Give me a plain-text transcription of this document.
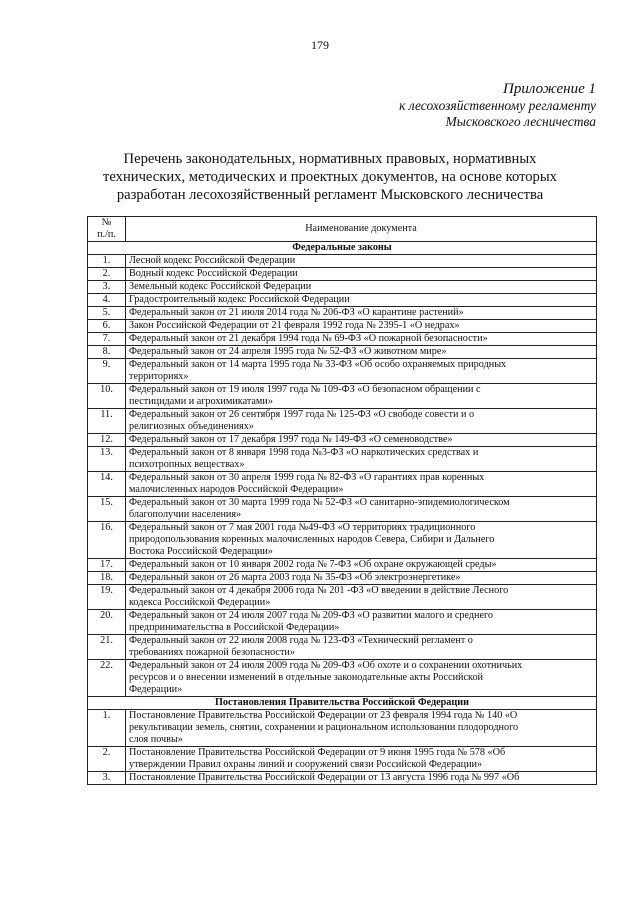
179
Приложение 1
к лесохозяйственному регламенту
Мысковского лесничества
Перечень законодательных, нормативных правовых, нормативных
технических, методических и проектных документов, на основе которых
разработан лесохозяйственный регламент Мысковского лесничества
№
п./п.	Наименование документа
Федеральные законы	
1.	Лесной кодекс Российской Федерации

2.	Водный кодекс Российской Федерации

3.	Земельный кодекс Российской Федерации

4.	Градостроительный кодекс Российской Федерации

5.	Федеральный закон от 21 июля 2014 года № 206-ФЗ «О карантине растений»

6.	Закон Российской Федерации от 21 февраля 1992 года № 2395-1 «О недрах»

7.	Федеральный закон от 21 декабря 1994 года № 69-ФЗ «О пожарной безопасности»

8.	Федеральный закон от 24 апреля 1995 года № 52-ФЗ «О животном мире»

9.	Федеральный закон от 14 марта 1995 года № 33-ФЗ «Об особо охраняемых природных
территориях»

10.	Федеральный закон от 19 июля 1997 года № 109-ФЗ «О безопасном обращении с
пестицидами и агрохимикатами»

11.	Федеральный закон от 26 сентября 1997 года № 125-ФЗ «О свободе совести и о
религиозных объединениях»

12.	Федеральный закон от 17 декабря 1997 года № 149-ФЗ «О семеноводстве»

13.	Федеральный закон от 8 января 1998 года №3-ФЗ «О наркотических средствах и
психотропных веществах»

14.	Федеральный закон от 30 апреля 1999 года № 82-ФЗ «О гарантиях прав коренных
малочисленных народов Российской Федерации»

15.	Федеральный закон от 30 марта 1999 года № 52-ФЗ «О санитарно-эпидемиологическом
благополучии населения»

16.	Федеральный закон от 7 мая 2001 года №49-ФЗ «О территориях традиционного
природопользования коренных малочисленных народов Севера, Сибири и Дальнего
Востока Российской Федерации»

17.	Федеральный закон от 10 января 2002 года № 7-ФЗ «Об охране окружающей среды»

18.	Федеральный закон от 26 марта 2003 года № 35-ФЗ «Об электроэнергетике»

19.	Федеральный закон от 4 декабря 2006 года № 201 -ФЗ «О введении в действие Лесного
кодекса Российской Федерации»

20.	Федеральный закон от 24 июля 2007 года № 209-ФЗ «О развитии малого и среднего
предпринимательства в Российской Федерации»

21.	Федеральный закон от 22 июля 2008 года № 123-ФЗ «Технический регламент о
требованиях пожарной безопасности»

22.	Федеральный закон от 24 июля 2009 года № 209-ФЗ «Об охоте и о сохранении охотничьих
ресурсов и о внесении изменений в отдельные законодательные акты Российской
Федерации»

Постановления Правительства Российской Федерации	
1.	Постановление Правительства Российской Федерации от 23 февраля 1994 года № 140 «О
рекультивации земель, снятии, сохранении и рациональном использовании плодородного
слоя почвы»

2.	Постановление Правительства Российской Федерации от 9 июня 1995 года № 578 «Об
утверждении Правил охраны линий и сооружений связи Российской Федерации»

3.	Постановление Правительства Российской Федерации от 13 августа 1996 года № 997 «Об
